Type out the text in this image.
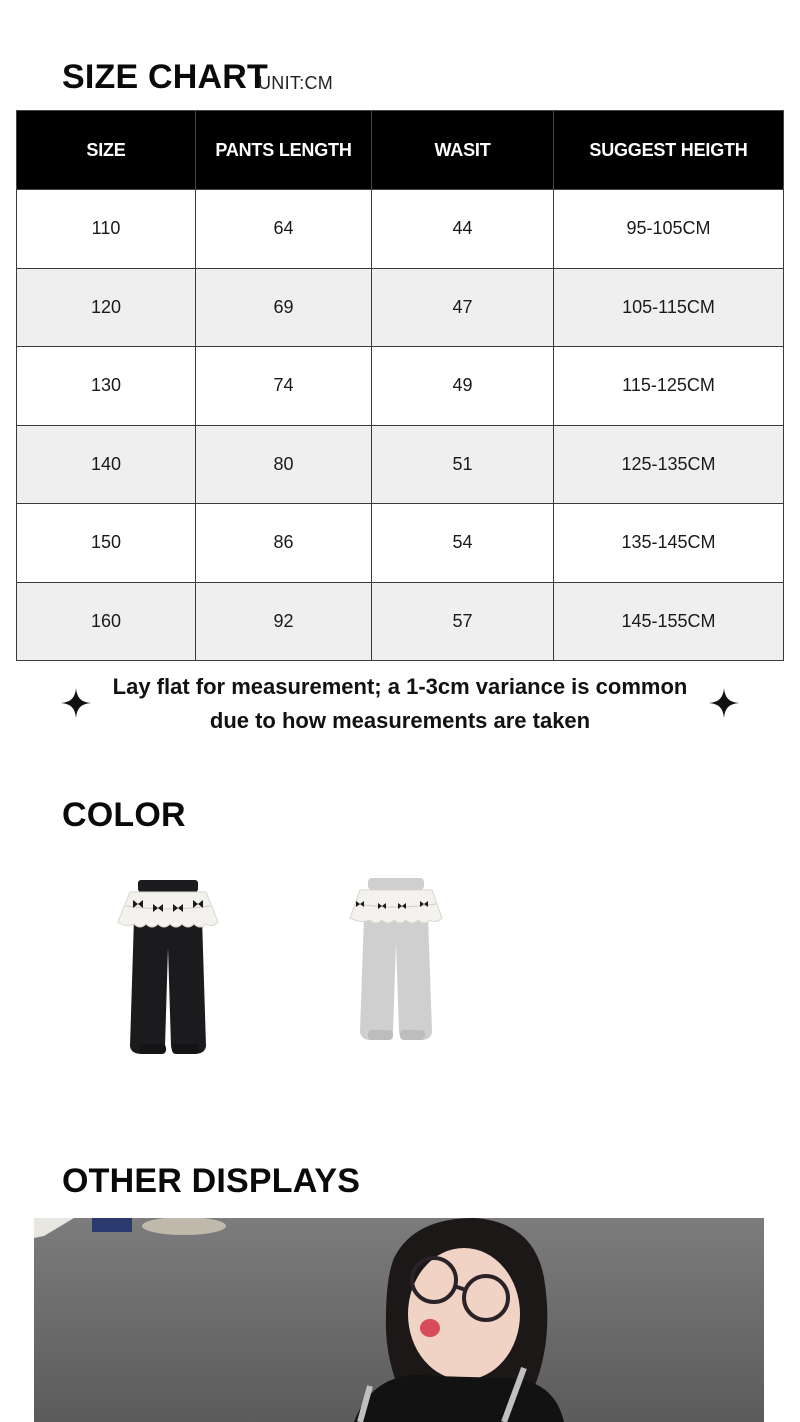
SIZE CHART
UNIT:CM
SIZE	PANTS LENGTH	WASIT	SUGGEST HEIGTH
110	64	44	95-105CM
120	69	47	105-115CM
130	74	49	115-125CM
140	80	51	125-135CM
150	86	54	135-145CM
160	92	57	145-155CM
Lay flat for measurement; a 1-3cm variance is common
due to how measurements are taken
COLOR
OTHER DISPLAYS
